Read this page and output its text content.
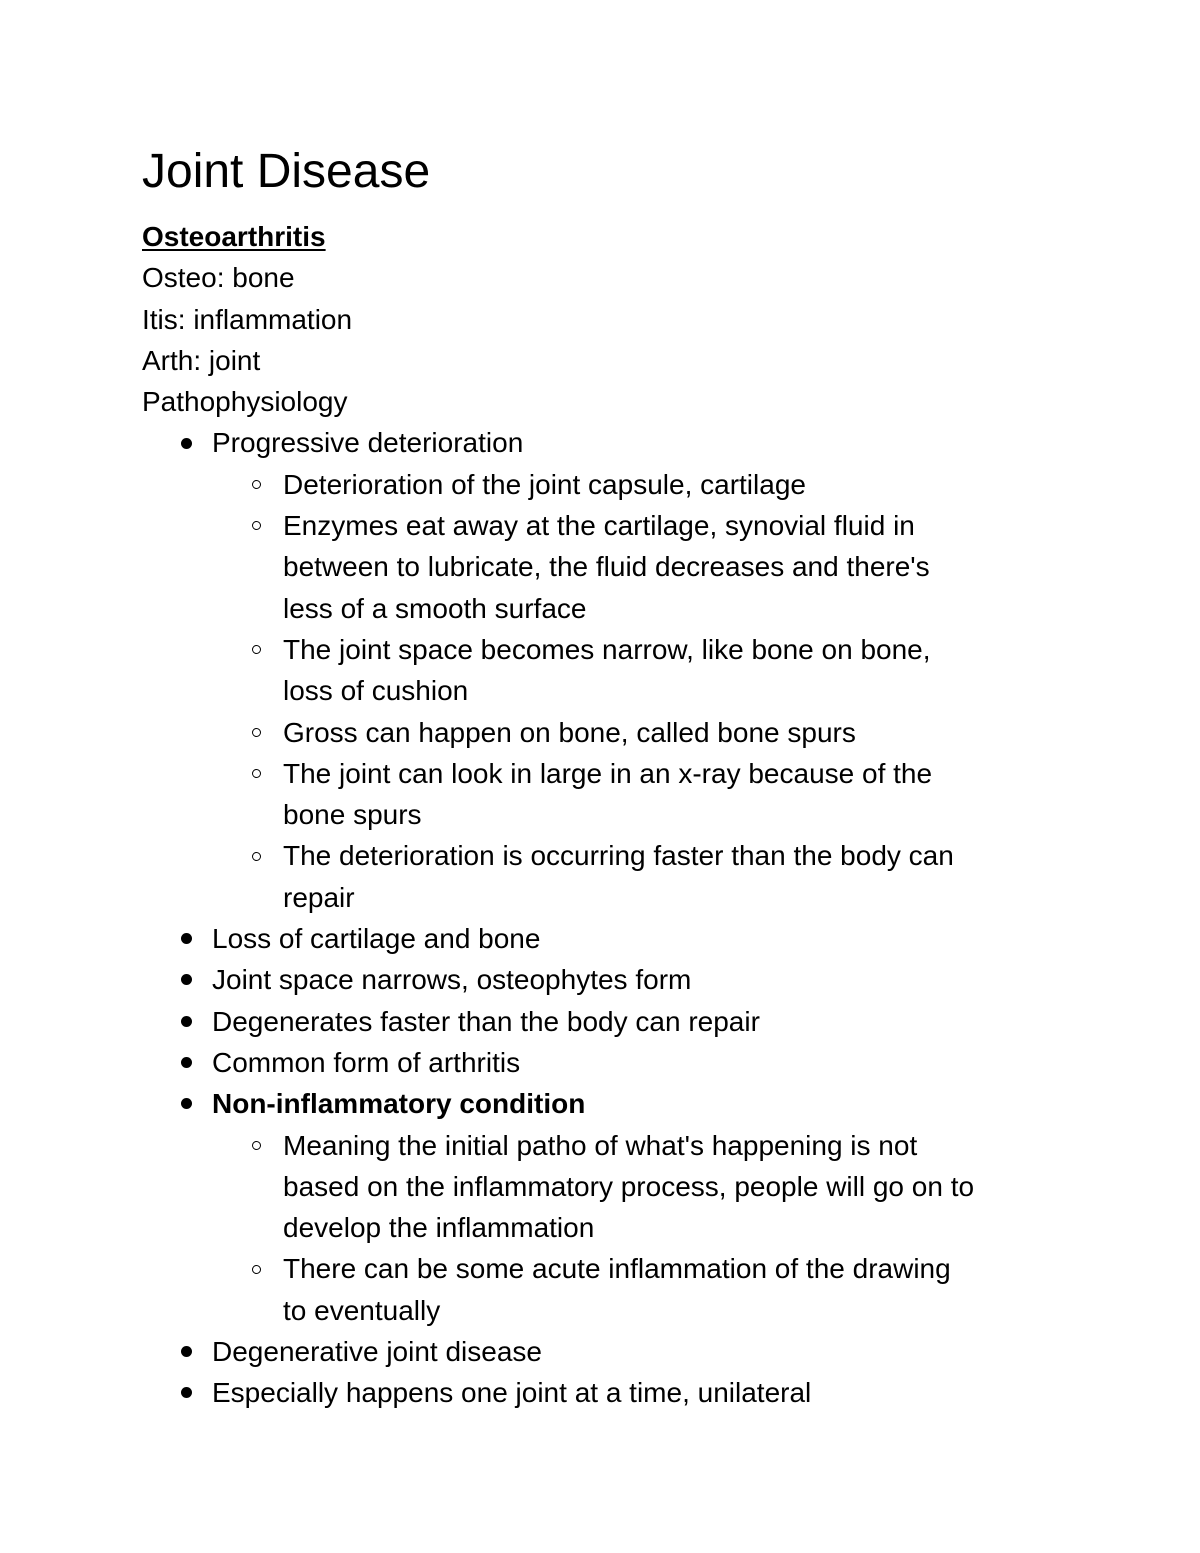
Joint Disease

Osteoarthritis

Osteo: bone

Itis: inflammation

Arth: joint

Pathophysiology

Progressive deterioration
Deterioration of the joint capsule, cartilage
Enzymes eat away at the cartilage, synovial fluid in
between to lubricate, the fluid decreases and there's
less of a smooth surface
The joint space becomes narrow, like bone on bone,
loss of cushion
Gross can happen on bone, called bone spurs
The joint can look in large in an x-ray because of the
bone spurs
The deterioration is occurring faster than the body can
repair
Loss of cartilage and bone
Joint space narrows, osteophytes form
Degenerates faster than the body can repair
Common form of arthritis
Non-inflammatory condition
Meaning the initial patho of what's happening is not
based on the inflammatory process, people will go on to
develop the inflammation
There can be some acute inflammation of the drawing
to eventually
Degenerative joint disease
Especially happens one joint at a time, unilateral
